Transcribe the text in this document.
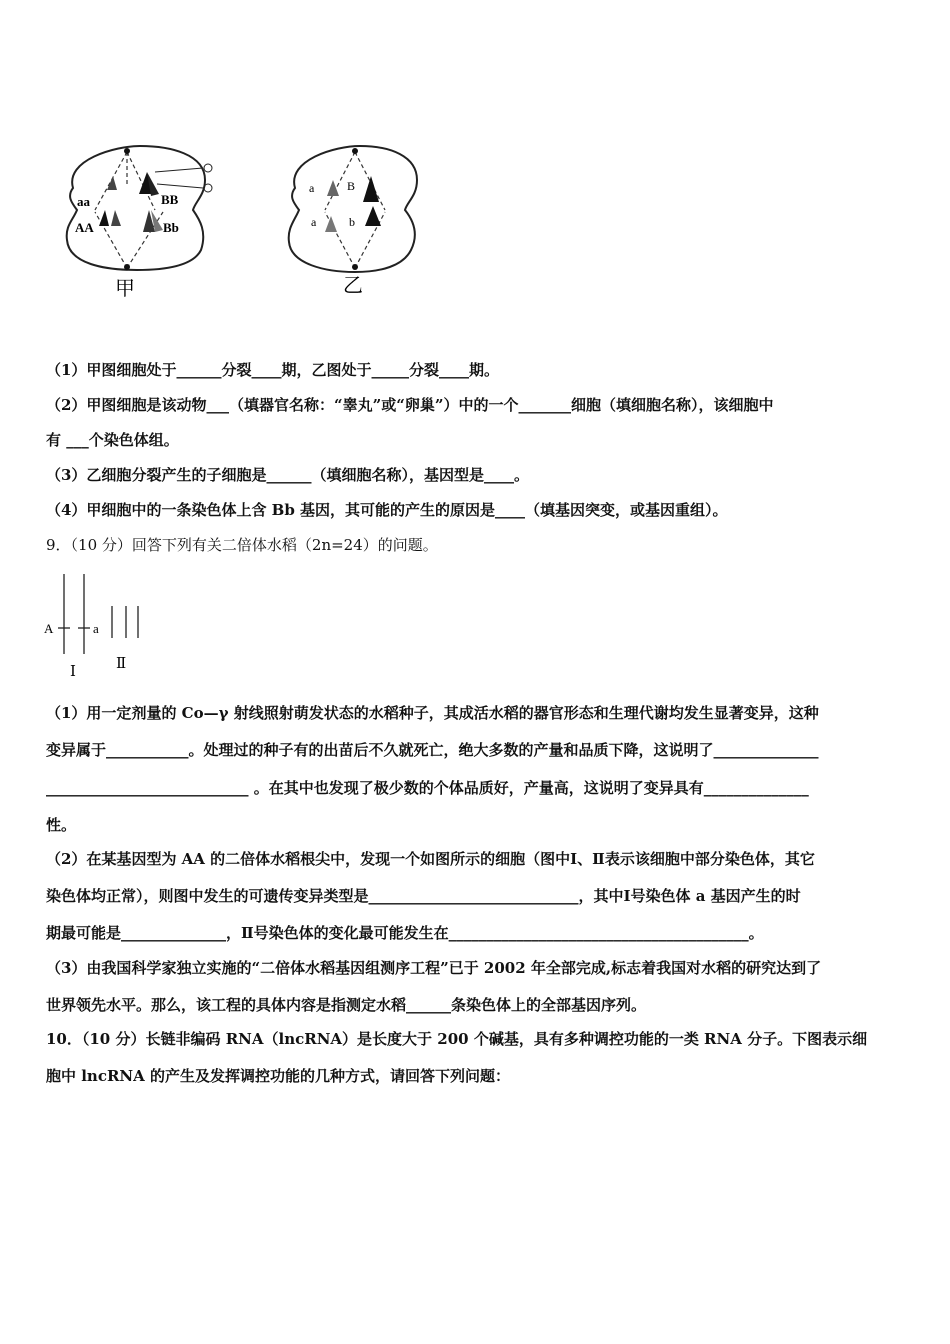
aa
AA
BB
Bb
甲
a
a
B
b
乙
（1）甲图细胞处于______分裂____期，乙图处于_____分裂____期。
（2）甲图细胞是该动物___（填器官名称：“睾丸”或“卵巢”）中的一个_______细胞（填细胞名称），该细胞中
有 ___个染色体组。
（3）乙细胞分裂产生的子细胞是______（填细胞名称），基因型是____。
（4）甲细胞中的一条染色体上含 Bb 基因，其可能的产生的原因是____（填基因突变，或基因重组）。
9．（10 分）回答下列有关二倍体水稻（2n=24）的问题。
A	a
Ⅰ	Ⅱ
（1）用一定剂量的 Co—γ 射线照射萌发状态的水稻种子，其成活水稻的器官形态和生理代谢均发生显著变异，这种
变异属于___________。处理过的种子有的出苗后不久就死亡，绝大多数的产量和品质下降，这说明了______________
___________________________ 。在其中也发现了极少数的个体品质好，产量高，这说明了变异具有______________
性。
（2）在某基因型为 AA 的二倍体水稻根尖中，发现一个如图所示的细胞（图中Ⅰ、Ⅱ表示该细胞中部分染色体，其它
染色体均正常），则图中发生的可遗传变异类型是____________________________，其中Ⅰ号染色体 a 基因产生的时
期最可能是______________，Ⅱ号染色体的变化最可能发生在________________________________________。
（3）由我国科学家独立实施的“二倍体水稻基因组测序工程”已于 2002 年全部完成,标志着我国对水稻的研究达到了
世界领先水平。那么，该工程的具体内容是指测定水稻______条染色体上的全部基因序列。
10．（10 分）长链非编码 RNA（lncRNA）是长度大于 200 个碱基，具有多种调控功能的一类 RNA 分子。下图表示细
胞中 lncRNA 的产生及发挥调控功能的几种方式，请回答下列问题：
